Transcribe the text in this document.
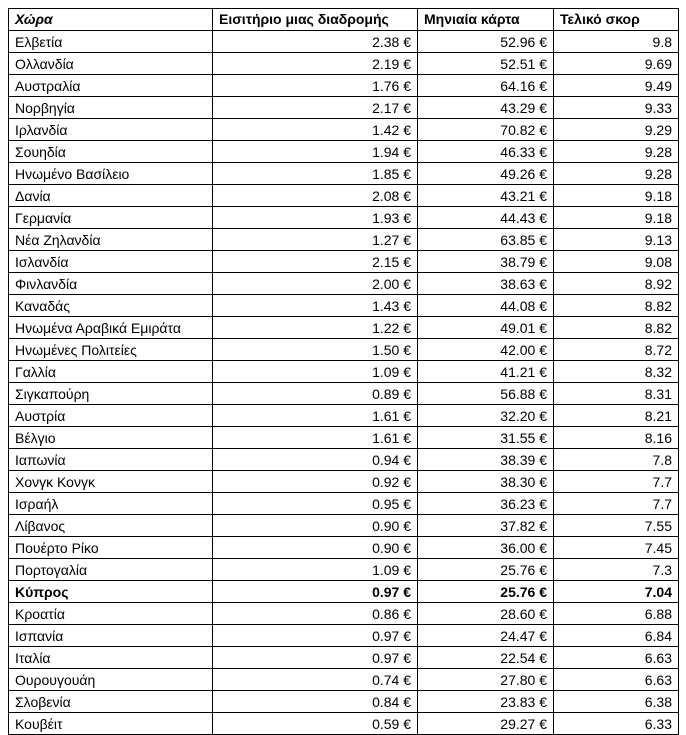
Χώρα	Εισιτήριο μιας διαδρομής	Μηνιαία κάρτα	Τελικό σκορ
Ελβετία	2.38 €	52.96 €	9.8
Ολλανδία	2.19 €	52.51 €	9.69
Αυστραλία	1.76 €	64.16 €	9.49
Νορβηγία	2.17 €	43.29 €	9.33
Ιρλανδία	1.42 €	70.82 €	9.29
Σουηδία	1.94 €	46.33 €	9.28
Ηνωμένο Βασίλειο	1.85 €	49.26 €	9.28
Δανία	2.08 €	43.21 €	9.18
Γερμανία	1.93 €	44.43 €	9.18
Νέα Ζηλανδία	1.27 €	63.85 €	9.13
Ισλανδία	2.15 €	38.79 €	9.08
Φινλανδία	2.00 €	38.63 €	8.92
Καναδάς	1.43 €	44.08 €	8.82
Ηνωμένα Αραβικά Εμιράτα	1.22 €	49.01 €	8.82
Ηνωμένες Πολιτείες	1.50 €	42.00 €	8.72
Γαλλία	1.09 €	41.21 €	8.32
Σιγκαπούρη	0.89 €	56.88 €	8.31
Αυστρία	1.61 €	32.20 €	8.21
Βέλγιο	1.61 €	31.55 €	8.16
Ιαπωνία	0.94 €	38.39 €	7.8
Χονγκ Κονγκ	0.92 €	38.30 €	7.7
Ισραήλ	0.95 €	36.23 €	7.7
Λίβανος	0.90 €	37.82 €	7.55
Πουέρτο Ρίκο	0.90 €	36.00 €	7.45
Πορτογαλία	1.09 €	25.76 €	7.3
Κύπρος	0.97 €	25.76 €	7.04
Κροατία	0.86 €	28.60 €	6.88
Ισπανία	0.97 €	24.47 €	6.84
Ιταλία	0.97 €	22.54 €	6.63
Ουρουγουάη	0.74 €	27.80 €	6.63
Σλοβενία	0.84 €	23.83 €	6.38
Κουβέιτ	0.59 €	29.27 €	6.33
